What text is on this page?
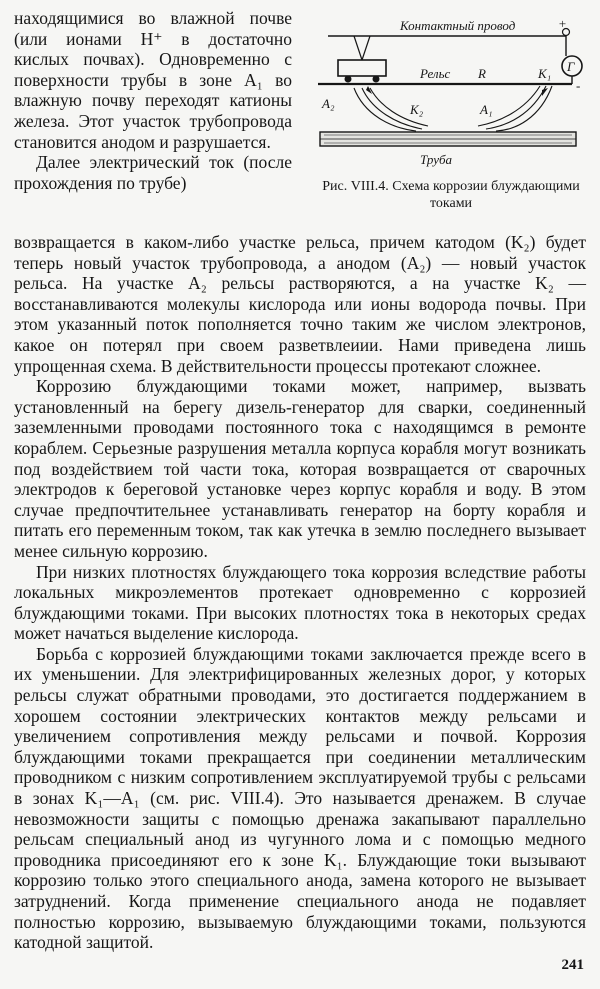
находящимися во влажной почве (или ионами H⁺ в достаточно кислых почвах). Одновременно с поверхности трубы в зоне A₁ во влажную почву переходят катионы железа. Этот участок трубопровода становится анодом и разрушается.

Далее электрический ток (после прохождения по трубе)

Контактный провод
Рельс R	K₁
+
Г
-
A₂	K₂	A₁
Труба
Рис. VIII.4. Схема коррозии блуждающими токами

возвращается в каком-либо участке рельса, причем катодом (K₂) будет теперь новый участок трубопровода, а анодом (A₂) — новый участок рельса. На участке A₂ рельсы растворяются, а на участке K₂ — восстанавливаются молекулы кислорода или ионы водорода почвы. При этом указанный поток пополняется точно таким же числом электронов, какое он потерял при своем разветвлеиии. Нами приведена лишь упрощенная схема. В действительности процессы протекают сложнее.

Коррозию блуждающими токами может, например, вызвать установленный на берегу дизель-генератор для сварки, соединенный заземленными проводами постоянного тока с находящимся в ремонте кораблем. Серьезные разрушения металла корпуса корабля могут возникать под воздействием той части тока, которая возвращается от сварочных электродов к береговой установке через корпус корабля и воду. В этом случае предпочтительнее устанавливать генератор на борту корабля и питать его переменным током, так как утечка в землю последнего вызывает менее сильную коррозию.

При низких плотностях блуждающего тока коррозия вследствие работы локальных микроэлементов протекает одновременно с коррозией блуждающими токами. При высоких плотностях тока в некоторых средах может начаться выделение кислорода.

Борьба с коррозией блуждающими токами заключается прежде всего в их уменьшении. Для электрифицированных железных дорог, у которых рельсы служат обратными проводами, это достигается поддержанием в хорошем состоянии электрических контактов между рельсами и увеличением сопротивления между рельсами и почвой. Коррозия блуждающими токами прекращается при соединении металлическим проводником с низким сопротивлением эксплуатируемой трубы с рельсами в зонах K₁—A₁ (см. рис. VIII.4). Это называется дренажем. В случае невозможности защиты с помощью дренажа закапывают параллельно рельсам специальный анод из чугунного лома и с помощью медного проводника присоединяют его к зоне K₁. Блуждающие токи вызывают коррозию только этого специального анода, замена которого не вызывает затруднений. Когда применение специального анода не подавляет полностью коррозию, вызываемую блуждающими токами, пользуются катодной защитой.

241
